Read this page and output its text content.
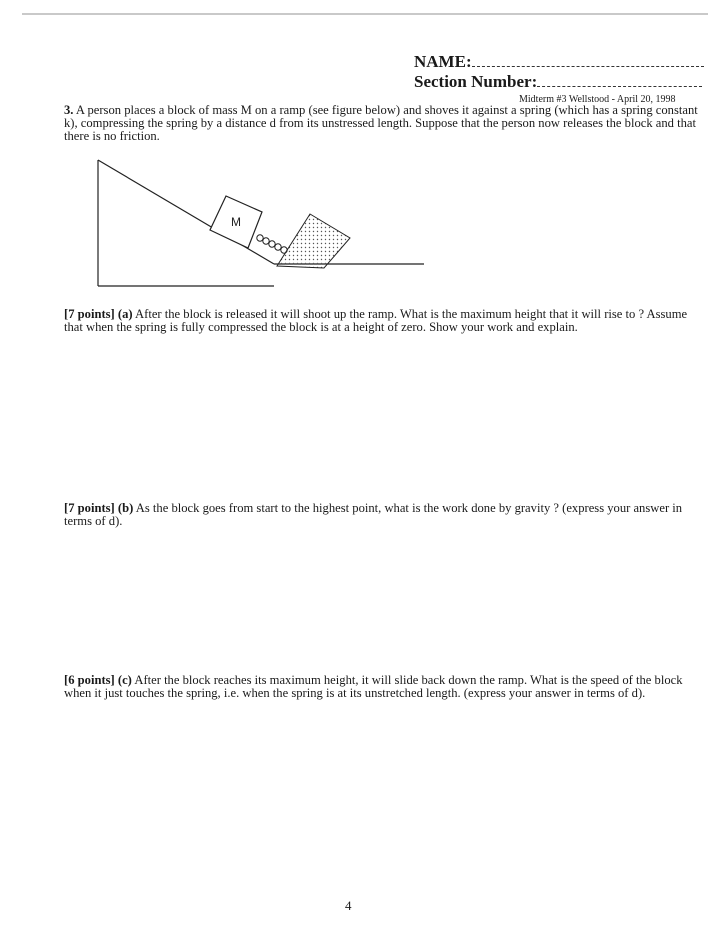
NAME:
Section Number:
Midterm #3 Wellstood - April 20, 1998
3. A person places a block of mass M on a ramp (see figure below) and shoves it against a spring (which has a spring constant k), compressing the spring by a distance d from its unstressed length. Suppose that the person now releases the block and that there is no friction.
M
[7 points] (a) After the block is released it will shoot up the ramp. What is the maximum height that it will rise to ? Assume that when the spring is fully compressed the block is at a height of zero. Show your work and explain.
[7 points] (b) As the block goes from start to the highest point, what is the work done by gravity ? (express your answer in terms of d).
[6 points] (c) After the block reaches its maximum height, it will slide back down the ramp. What is the speed of the block when it just touches the spring, i.e. when the spring is at its unstretched length. (express your answer in terms of d).
4
